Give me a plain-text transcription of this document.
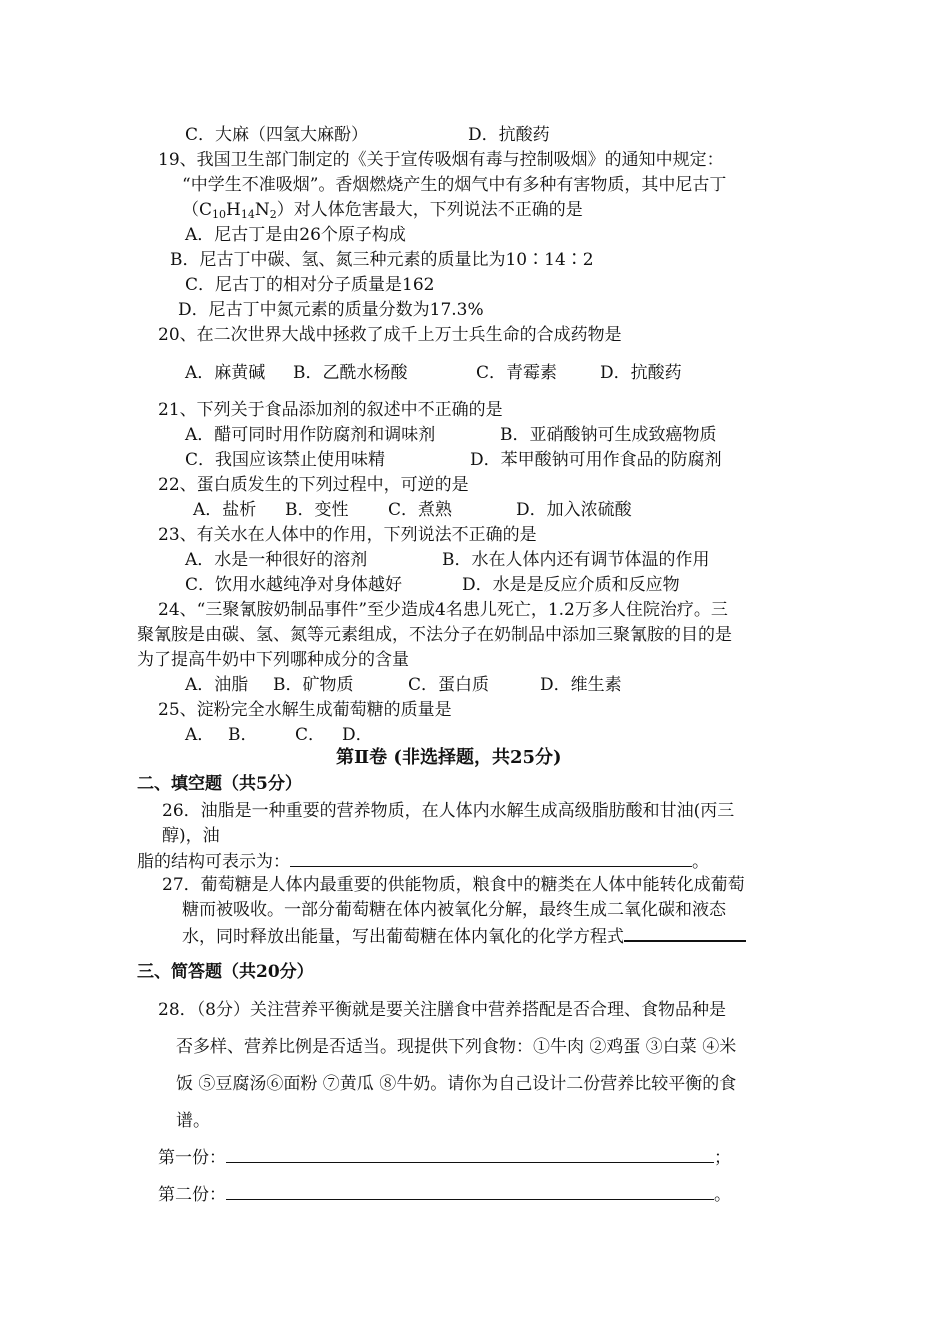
C．大麻（四氢大麻酚）	D．抗酸药
19、我国卫生部门制定的《关于宣传吸烟有毒与控制吸烟》的通知中规定：
“中学生不准吸烟”。香烟燃烧产生的烟气中有多种有害物质，其中尼古丁
$(C_{10}H_{14}N_2)$对人体危害最大，下列说法不正确的是
A．尼古丁是由26个原子构成
B．尼古丁中碳、氢、氮三种元素的质量比为10∶14∶2
C．尼古丁的相对分子质量是162
D．尼古丁中氮元素的质量分数为17.3%
20、在二次世界大战中拯救了成千上万士兵生命的合成药物是
A．麻黄碱 B．乙酰水杨酸	C．青霉素	D．抗酸药
21、下列关于食品添加剂的叙述中不正确的是
A．醋可同时用作防腐剂和调味剂	B．亚硝酸钠可生成致癌物质
C．我国应该禁止使用味精	D．苯甲酸钠可用作食品的防腐剂
22、蛋白质发生的下列过程中，可逆的是
A．盐析 B．变性 C．煮熟	D．加入浓硫酸
23、有关水在人体中的作用，下列说法不正确的是
A．水是一种很好的溶剂	B．水在人体内还有调节体温的作用
C．饮用水越纯净对身体越好	D．水是是反应介质和反应物
24、“三聚氰胺奶制品事件”至少造成4名患儿死亡，1.2万多人住院治疗。三
聚氰胺是由碳、氢、氮等元素组成，不法分子在奶制品中添加三聚氰胺的目的是
为了提高牛奶中下列哪种成分的含量
A．油脂 B．矿物质	C．蛋白质	D．维生素
25、淀粉完全水解生成葡萄糖的质量是
A． B． C． D．
第Ⅱ卷 (非选择题，共25分)
二、填空题（共5分）
26．油脂是一种重要的营养物质，在人体内水解生成高级脂肪酸和甘油(丙三
醇)，油
脂的结构可表示为：	。
27．葡萄糖是人体内最重要的供能物质，粮食中的糖类在人体中能转化成葡萄
糖而被吸收。一部分葡萄糖在体内被氧化分解，最终生成二氧化碳和液态
水，同时释放出能量，写出葡萄糖在体内氧化的化学方程式
三、简答题（共20分）
28．（8分）关注营养平衡就是要关注膳食中营养搭配是否合理、食物品种是
否多样、营养比例是否适当。现提供下列食物：①牛肉 ②鸡蛋 ③白菜 ④米
饭 ⑤豆腐汤⑥面粉 ⑦黄瓜 ⑧牛奶。请你为自己设计二份营养比较平衡的食
谱。
第一份：	；
第二份：	。
